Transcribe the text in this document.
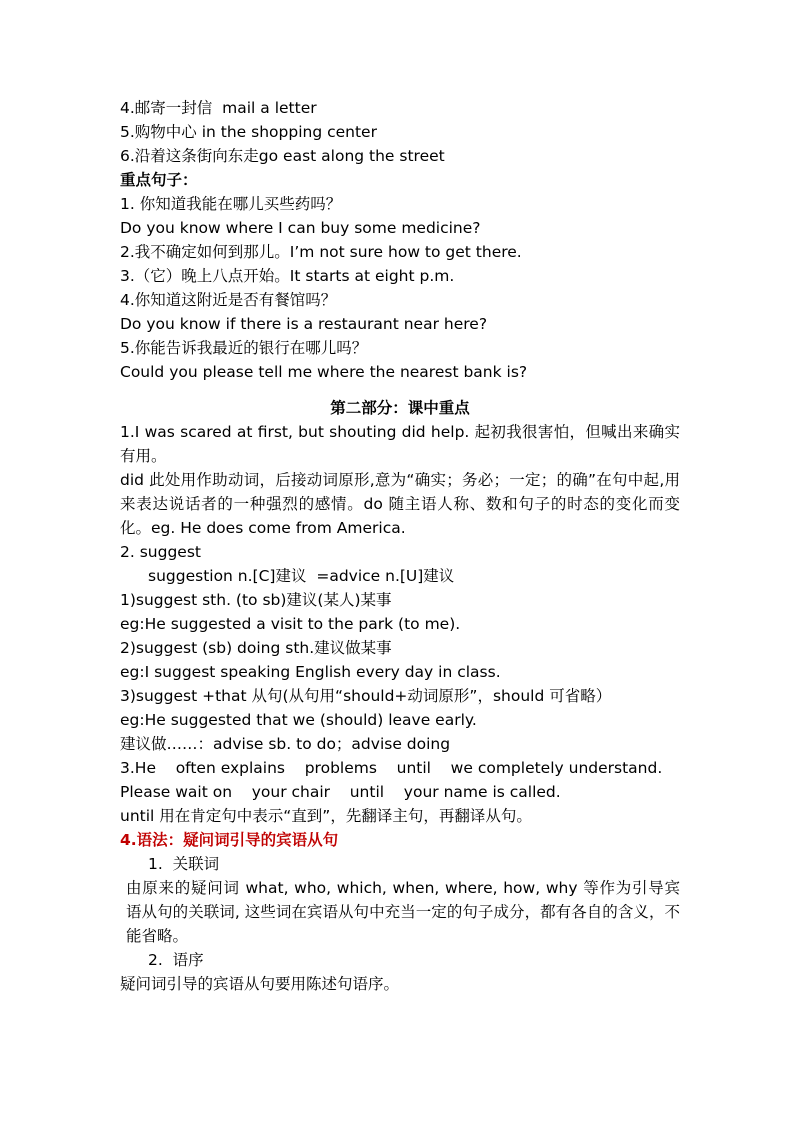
4.邮寄一封信  mail a letter
5.购物中心 in the shopping center
6.沿着这条街向东走go east along the street
重点句子：
1. 你知道我能在哪儿买些药吗？
Do you know where I can buy some medicine?
2.我不确定如何到那儿。I’m not sure how to get there.
3.（它）晚上八点开始。It starts at eight p.m.
4.你知道这附近是否有餐馆吗？
Do you know if there is a restaurant near here?
5.你能告诉我最近的银行在哪儿吗？
Could you please tell me where the nearest bank is?
第二部分：课中重点
1.I was scared at first, but shouting did help. 起初我很害怕，但喊出来确实有用。
did 此处用作助动词，后接动词原形,意为“确实；务必；一定；的确”在句中起,用来表达说话者的一种强烈的感情。do 随主语人称、数和句子的时态的变化而变化。eg. He does come from America.
2. suggest
suggestion n.[C]建议  =advice n.[U]建议
1)suggest sth. (to sb)建议(某人)某事
eg:He suggested a visit to the park (to me).
2)suggest (sb) doing sth.建议做某事
eg:I suggest speaking English every day in class.
3)suggest +that 从句(从句用“should+动词原形”，should 可省略）
eg:He suggested that we (should) leave early.
建议做……：advise sb. to do；advise doing
3.He    often explains    problems    until    we completely understand.
Please wait on    your chair    until    your name is called.
until 用在肯定句中表示“直到”，先翻译主句，再翻译从句。
4.语法：疑问词引导的宾语从句
1.  关联词
由原来的疑问词 what, who, which, when, where, how, why 等作为引导宾语从句的关联词, 这些词在宾语从句中充当一定的句子成分，都有各自的含义，不能省略。
2.  语序
疑问词引导的宾语从句要用陈述句语序。
